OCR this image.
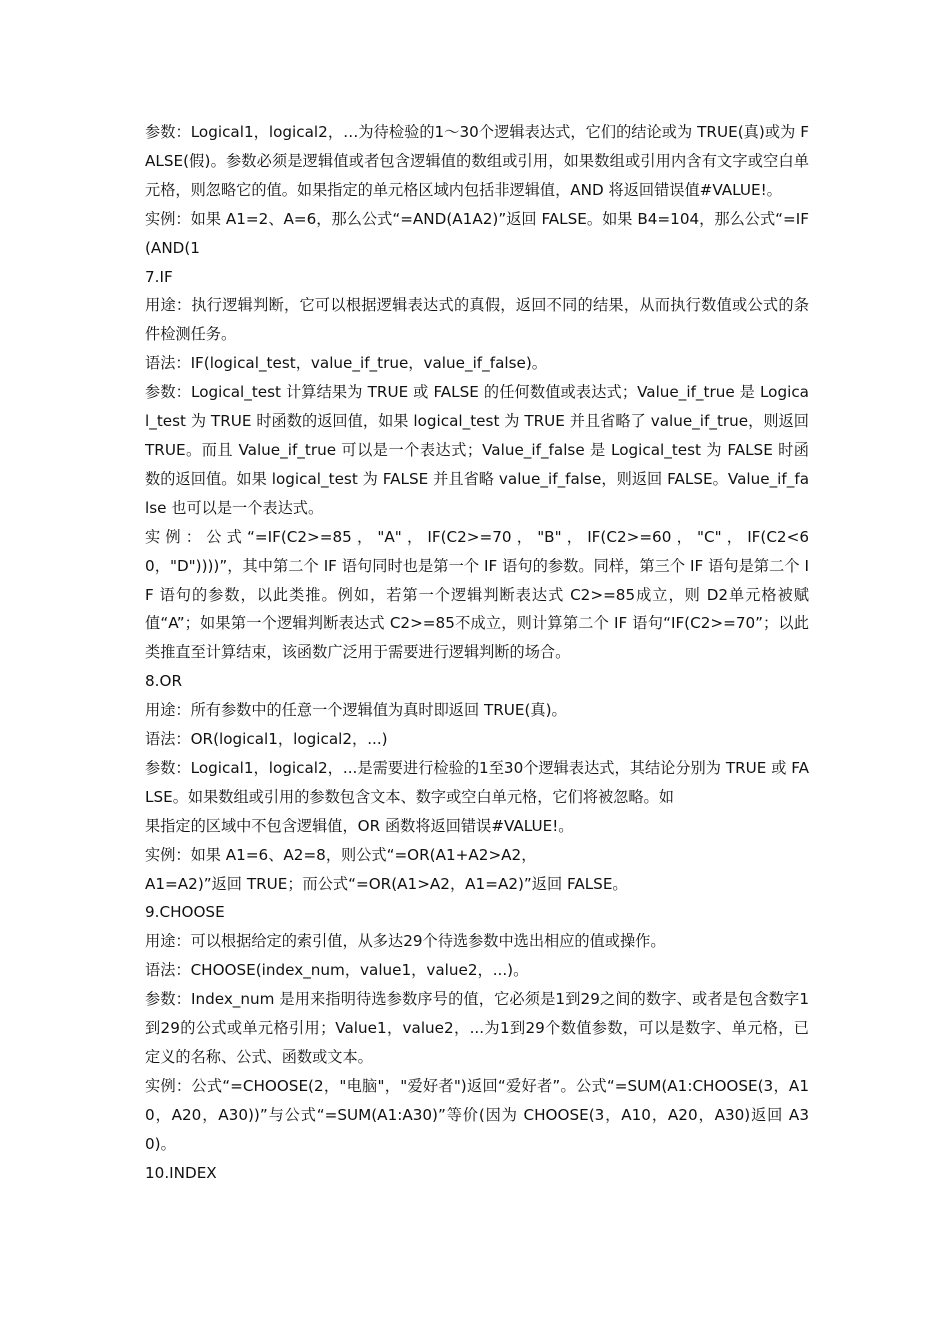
参数：Logical1，logical2，…为待检验的1～30个逻辑表达式，它们的结论或为 TRUE(真)或为 FALSE(假)。参数必须是逻辑值或者包含逻辑值的数组或引用，如果数组或引用内含有文字或空白单元格，则忽略它的值。如果指定的单元格区域内包括非逻辑值，AND 将返回错误值#VALUE!。

实例：如果 A1=2、A=6，那么公式“=AND(A1A2)”返回 FALSE。如果 B4=104，那么公式“=IF(AND(1

7.IF

用途：执行逻辑判断，它可以根据逻辑表达式的真假，返回不同的结果，从而执行数值或公式的条件检测任务。

语法：IF(logical_test，value_if_true，value_if_false)。

参数：Logical_test 计算结果为 TRUE 或 FALSE 的任何数值或表达式；Value_if_true 是 Logical_test 为 TRUE 时函数的返回值，如果 logical_test 为 TRUE 并且省略了 value_if_true，则返回 TRUE。而且 Value_if_true 可以是一个表达式；Value_if_false 是 Logical_test 为 FALSE 时函数的返回值。如果 logical_test 为 FALSE 并且省略 value_if_false，则返回 FALSE。Value_if_false 也可以是一个表达式。

实例：公式“=IF(C2>=85，"A"，IF(C2>=70，"B"，IF(C2>=60，"C"，IF(C2<60，"D"))))”，其中第二个 IF 语句同时也是第一个 IF 语句的参数。同样，第三个 IF 语句是第二个 IF 语句的参数，以此类推。例如，若第一个逻辑判断表达式 C2>=85成立，则 D2单元格被赋值“A”；如果第一个逻辑判断表达式 C2>=85不成立，则计算第二个 IF 语句“IF(C2>=70”；以此类推直至计算结束，该函数广泛用于需要进行逻辑判断的场合。

8.OR

用途：所有参数中的任意一个逻辑值为真时即返回 TRUE(真)。

语法：OR(logical1，logical2，...)

参数：Logical1，logical2，...是需要进行检验的1至30个逻辑表达式，其结论分别为 TRUE 或 FALSE。如果数组或引用的参数包含文本、数字或空白单元格，它们将被忽略。如

果指定的区域中不包含逻辑值，OR 函数将返回错误#VALUE!。

实例：如果 A1=6、A2=8，则公式“=OR(A1+A2>A2，

A1=A2)”返回 TRUE；而公式“=OR(A1>A2，A1=A2)”返回 FALSE。

9.CHOOSE

用途：可以根据给定的索引值，从多达29个待选参数中选出相应的值或操作。

语法：CHOOSE(index_num，value1，value2，...)。

参数：Index_num 是用来指明待选参数序号的值，它必须是1到29之间的数字、或者是包含数字1到29的公式或单元格引用；Value1，value2，...为1到29个数值参数，可以是数字、单元格，已定义的名称、公式、函数或文本。

实例：公式“=CHOOSE(2，"电脑"，"爱好者")返回“爱好者”。公式“=SUM(A1:CHOOSE(3，A10，A20，A30))”与公式“=SUM(A1:A30)”等价(因为 CHOOSE(3，A10，A20，A30)返回 A30)。

10.INDEX
